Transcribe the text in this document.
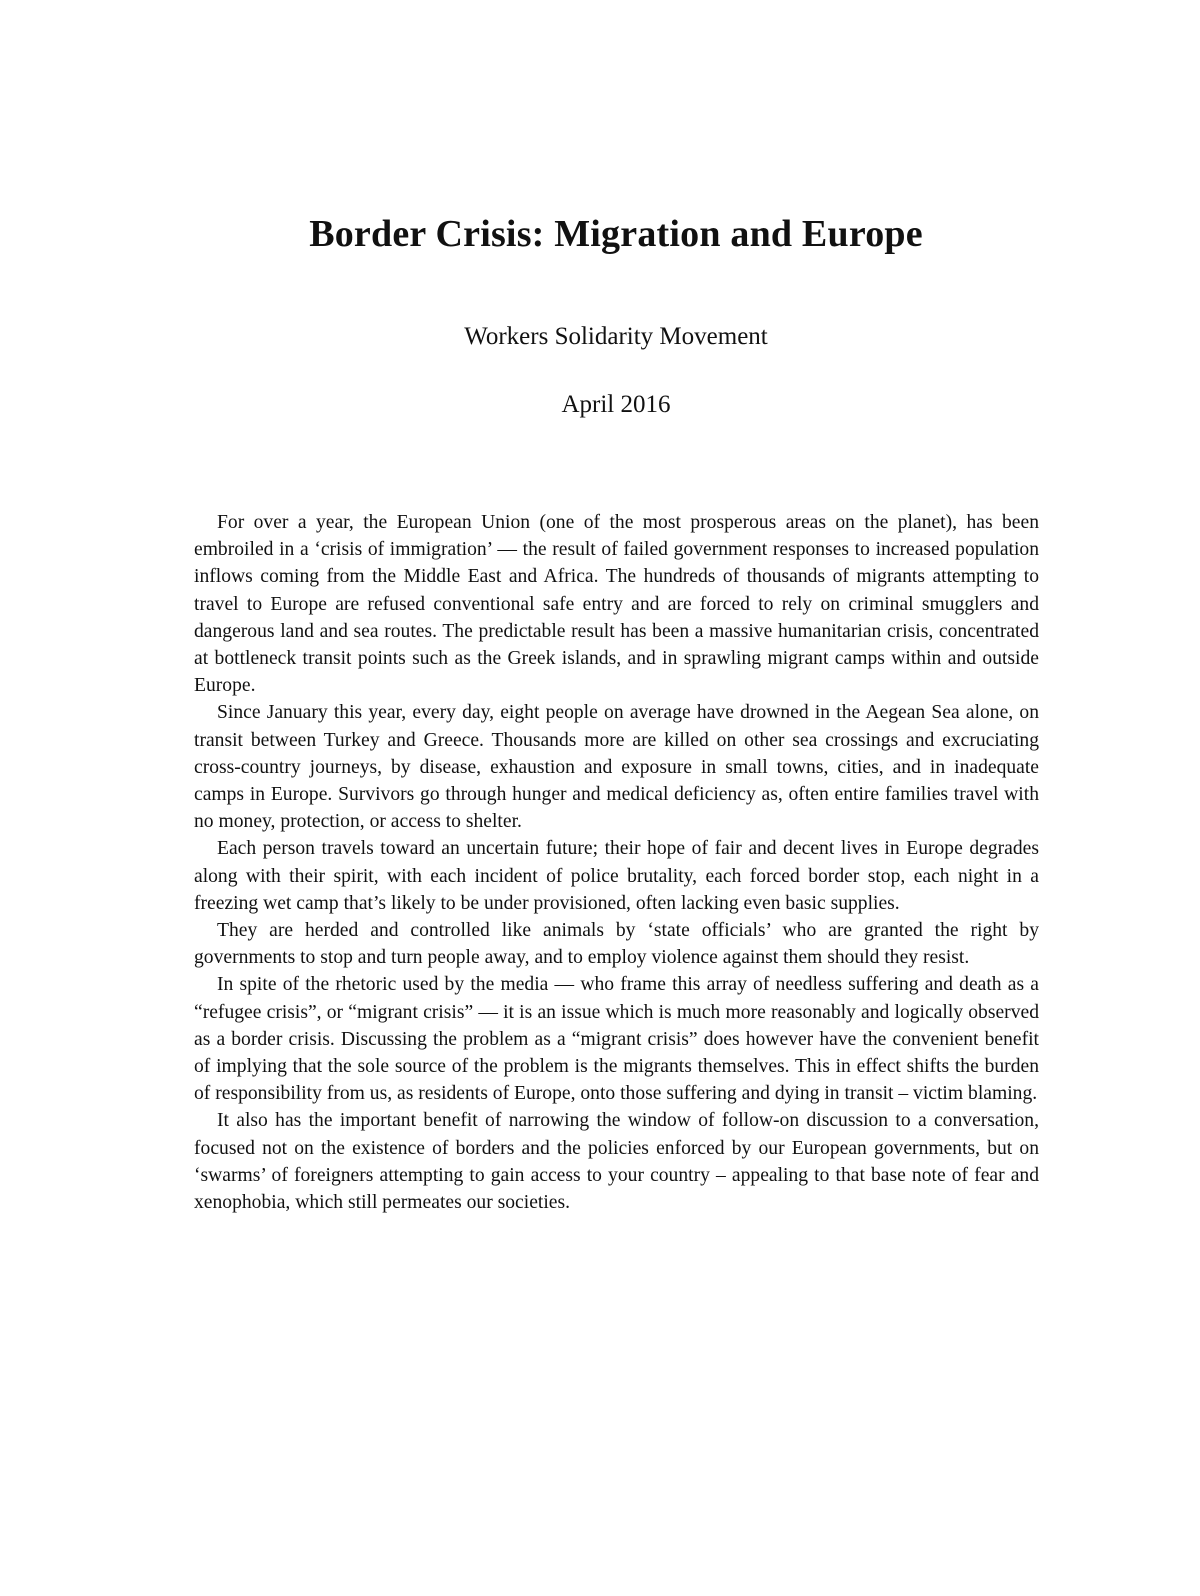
Border Crisis: Migration and Europe
Workers Solidarity Movement
April 2016

For over a year, the European Union (one of the most prosperous areas on the planet), has been embroiled in a ‘crisis of immigration’ — the result of failed government responses to increased population inflows coming from the Middle East and Africa. The hundreds of thousands of migrants attempting to travel to Europe are refused conventional safe entry and are forced to rely on criminal smugglers and dangerous land and sea routes. The predictable result has been a massive humanitarian crisis, concentrated at bottleneck transit points such as the Greek islands, and in sprawling migrant camps within and outside Europe.

Since January this year, every day, eight people on average have drowned in the Aegean Sea alone, on transit between Turkey and Greece. Thousands more are killed on other sea crossings and excruciating cross-country journeys, by disease, exhaustion and exposure in small towns, cities, and in inadequate camps in Europe. Survivors go through hunger and medical deficiency as, often entire families travel with no money, protection, or access to shelter.

Each person travels toward an uncertain future; their hope of fair and decent lives in Europe degrades along with their spirit, with each incident of police brutality, each forced border stop, each night in a freezing wet camp that’s likely to be under provisioned, often lacking even basic supplies.

They are herded and controlled like animals by ‘state officials’ who are granted the right by governments to stop and turn people away, and to employ violence against them should they resist.

In spite of the rhetoric used by the media — who frame this array of needless suffering and death as a “refugee crisis”, or “migrant crisis” — it is an issue which is much more reasonably and logically observed as a border crisis. Discussing the problem as a “migrant crisis” does however have the convenient benefit of implying that the sole source of the problem is the migrants themselves. This in effect shifts the burden of responsibility from us, as residents of Europe, onto those suffering and dying in transit – victim blaming.

It also has the important benefit of narrowing the window of follow-on discussion to a conversation, focused not on the existence of borders and the policies enforced by our European governments, but on ‘swarms’ of foreigners attempting to gain access to your country – appealing to that base note of fear and xenophobia, which still permeates our societies.
